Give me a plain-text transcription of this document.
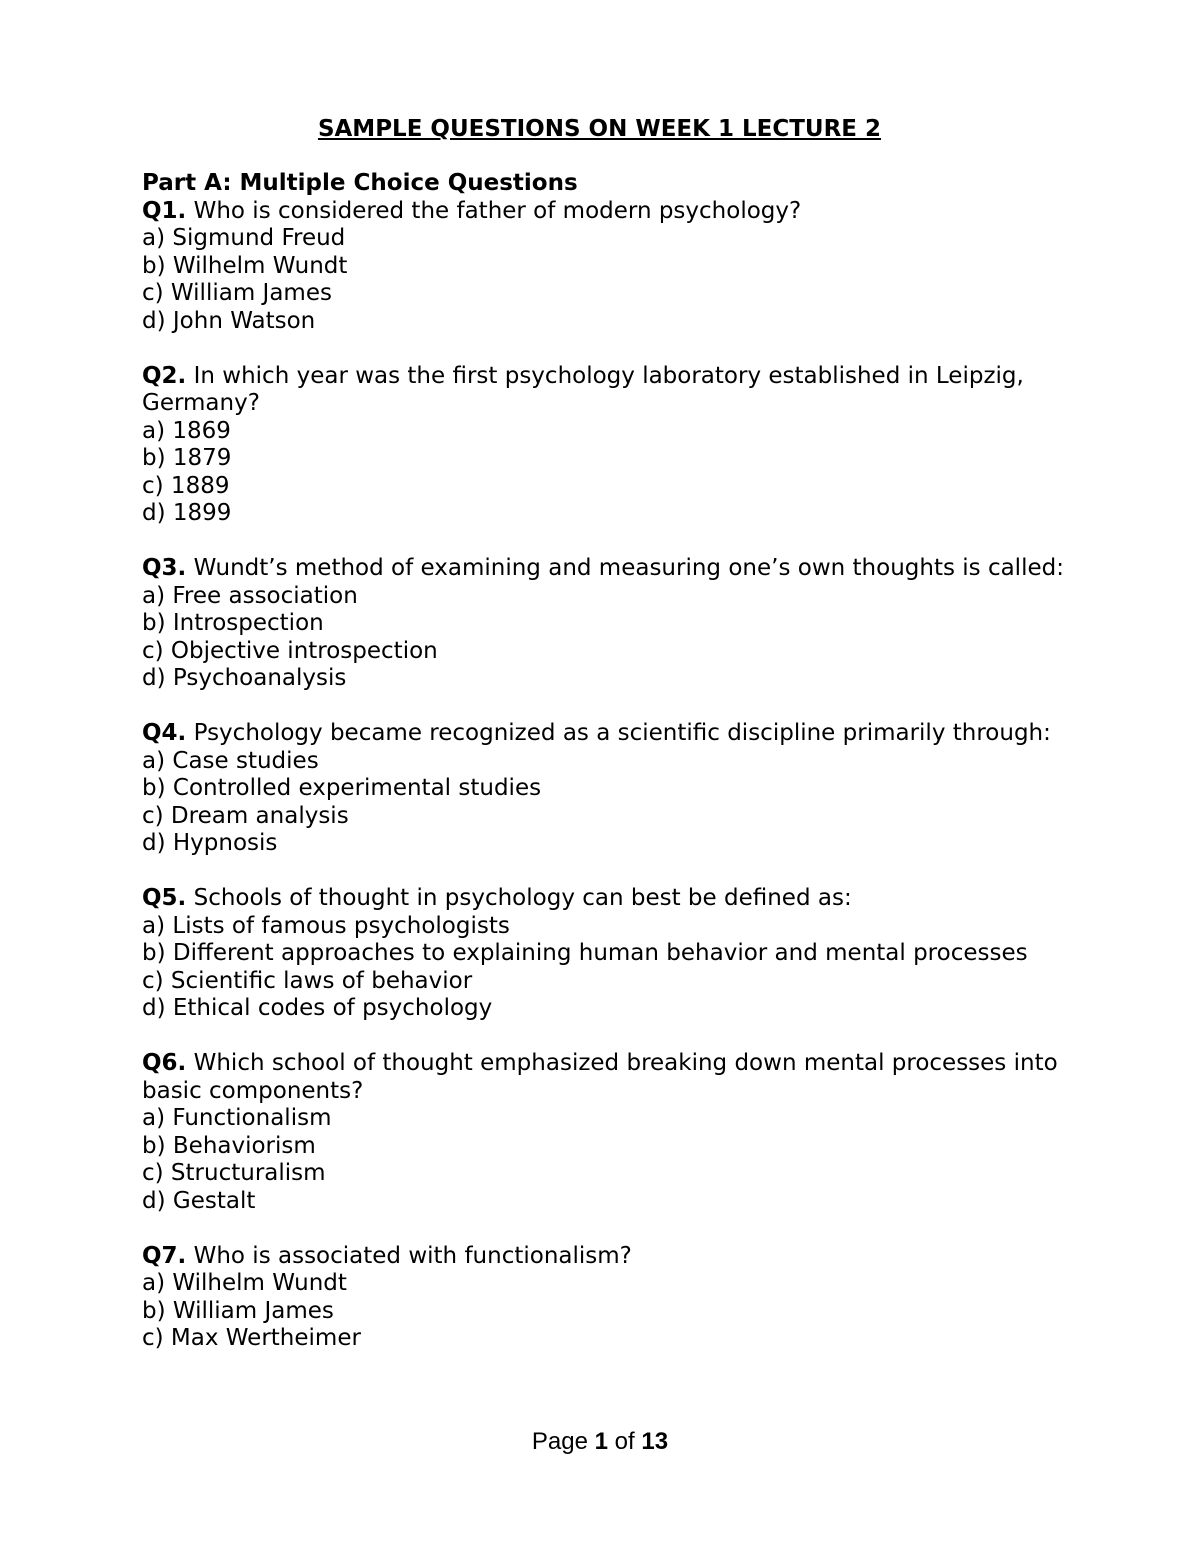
SAMPLE QUESTIONS ON WEEK 1 LECTURE 2
Part A: Multiple Choice Questions
Q1. Who is considered the father of modern psychology?
a) Sigmund Freud
b) Wilhelm Wundt
c) William James
d) John Watson
Q2. In which year was the first psychology laboratory established in Leipzig, Germany?
a) 1869
b) 1879
c) 1889
d) 1899
Q3. Wundt’s method of examining and measuring one’s own thoughts is called:
a) Free association
b) Introspection
c) Objective introspection
d) Psychoanalysis
Q4. Psychology became recognized as a scientific discipline primarily through:
a) Case studies
b) Controlled experimental studies
c) Dream analysis
d) Hypnosis
Q5. Schools of thought in psychology can best be defined as:
a) Lists of famous psychologists
b) Different approaches to explaining human behavior and mental processes
c) Scientific laws of behavior
d) Ethical codes of psychology
Q6. Which school of thought emphasized breaking down mental processes into basic components?
a) Functionalism
b) Behaviorism
c) Structuralism
d) Gestalt
Q7. Who is associated with functionalism?
a) Wilhelm Wundt
b) William James
c) Max Wertheimer
Page 1 of 13
